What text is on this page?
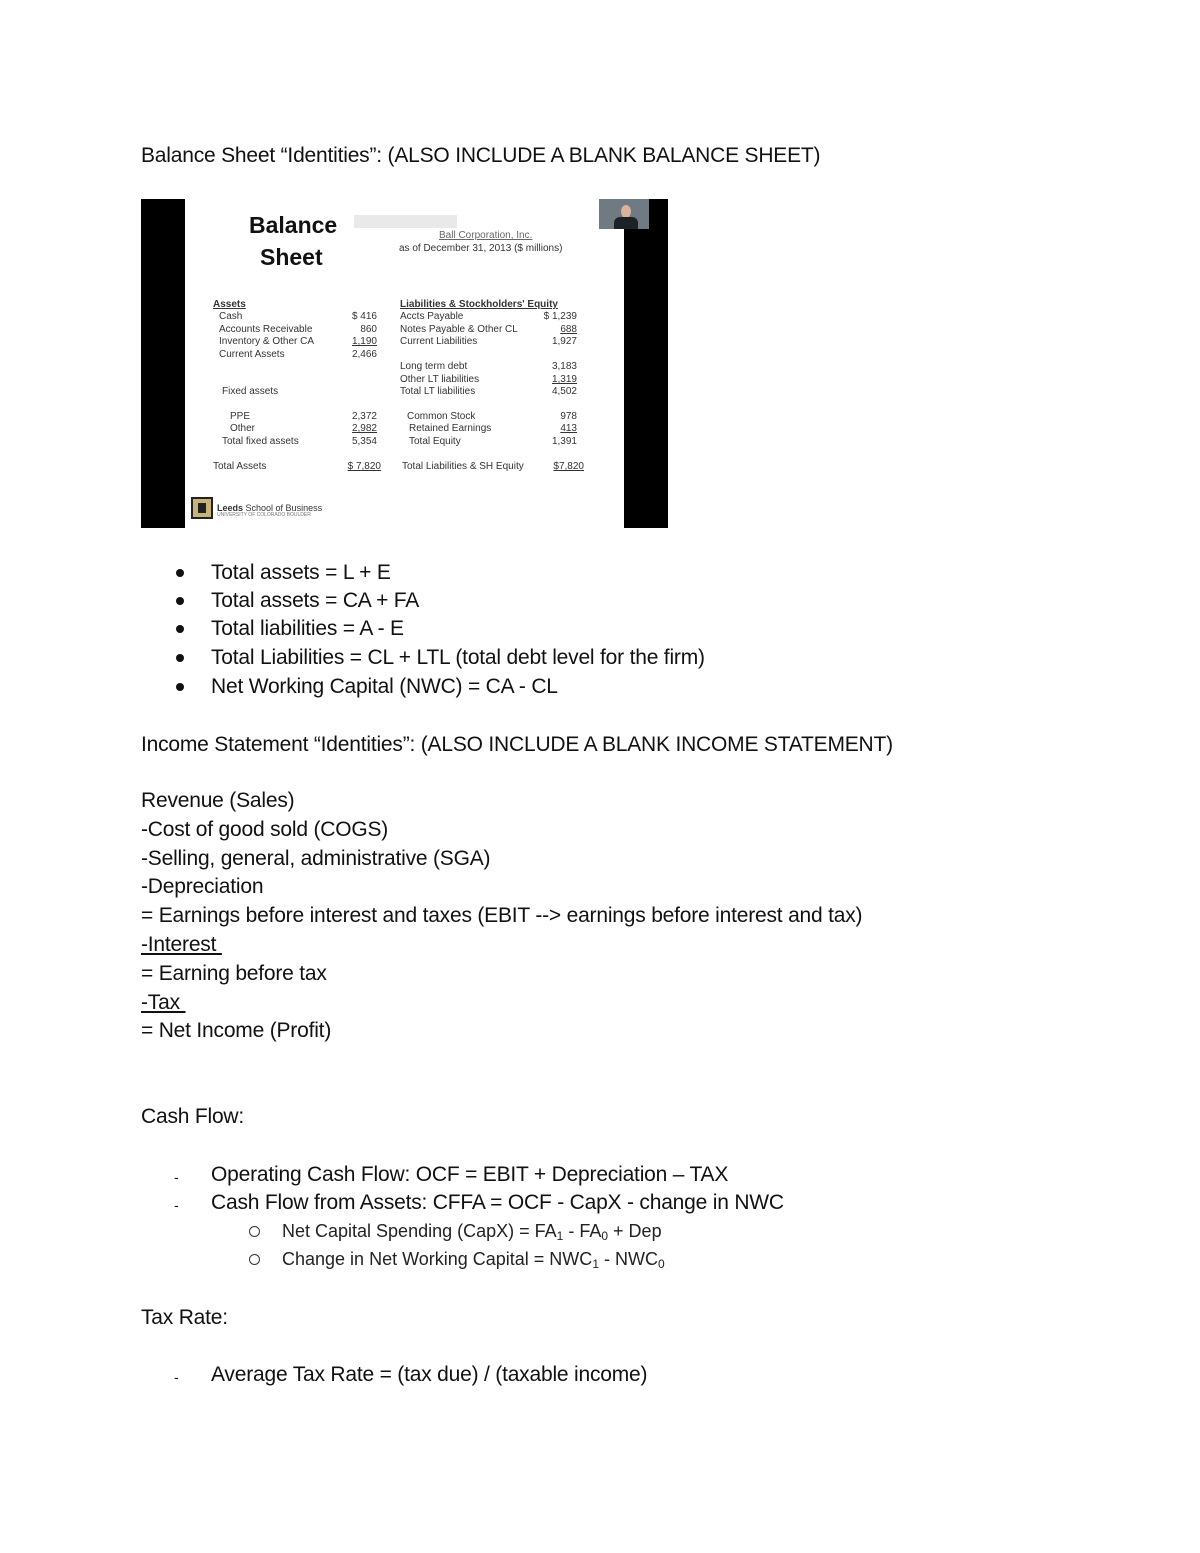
Balance Sheet “Identities”: (ALSO INCLUDE A BLANK BALANCE SHEET)
Balance
Sheet
Ball Corporation, Inc.
as of December 31, 2013 ($ millions)
Assets	Liabilities & Stockholders' Equity
Cash	$ 416
Accounts Receivable	860
Inventory & Other CA	1,190
Current Assets	2,466
Fixed assets
PPE	2,372
Other	2,982
Total fixed assets	5,354
Total Assets	$ 7,820
Accts Payable	$ 1,239
Notes Payable & Other CL	688
Current Liabilities	1,927
Long term debt	3,183
Other LT liabilities	1,319
Total LT liabilities	4,502
Common Stock	978
Retained Earnings	413
Total Equity	1,391
Total Liabilities & SH Equity	$7,820
Leeds School of Business
UNIVERSITY OF COLORADO BOULDER
Total assets = L + E
Total assets = CA + FA
Total liabilities = A - E
Total Liabilities = CL + LTL (total debt level for the firm)
Net Working Capital (NWC) = CA - CL
Income Statement “Identities”: (ALSO INCLUDE A BLANK INCOME STATEMENT)
Revenue (Sales)
-Cost of good sold (COGS)
-Selling, general, administrative (SGA)
-Depreciation
= Earnings before interest and taxes (EBIT --> earnings before interest and tax)
-Interest
= Earning before tax
-Tax
= Net Income (Profit)
Cash Flow:
- Operating Cash Flow: OCF = EBIT + Depreciation – TAX
- Cash Flow from Assets: CFFA = OCF - CapX - change in NWC
Net Capital Spending (CapX) = $FA_1 - FA_0$ + Dep
Change in Net Working Capital = $NWC_1 - NWC_0$
Tax Rate:
- Average Tax Rate = (tax due) / (taxable income)
